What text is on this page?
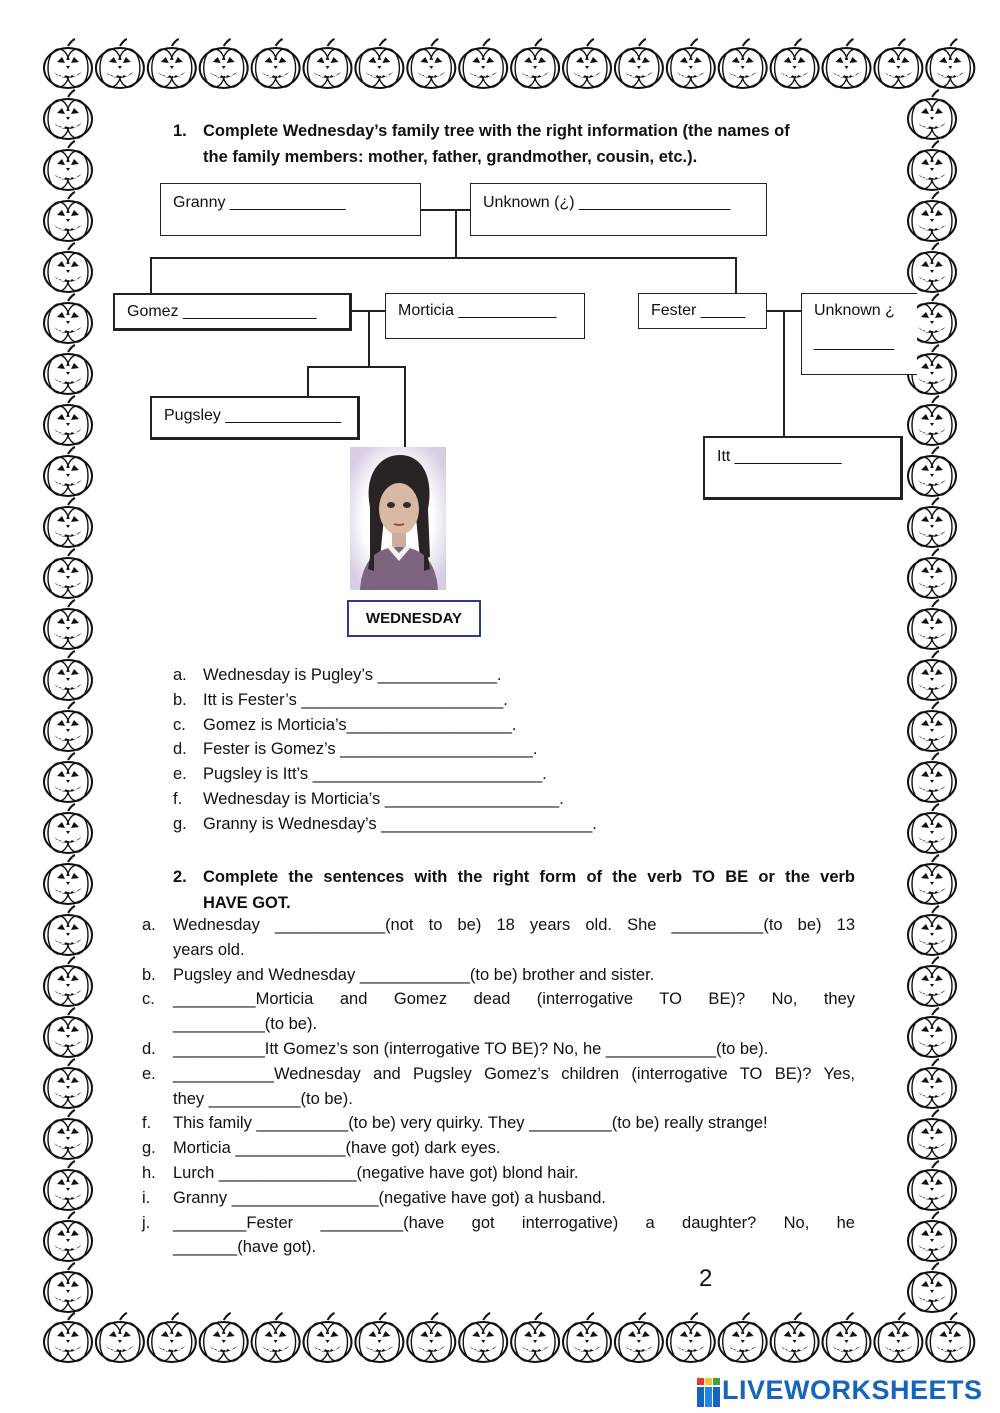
1. Complete Wednesday’s family tree with the right information (the names of
the family members: mother, father, grandmother, cousin, etc.).
Granny _____________	Unknown (¿) _________________
Gomez _______________	Morticia ___________	Fester _____	Unknown ¿
_________
Pugsley _____________
Itt ____________
WEDNESDAY
a. Wednesday is Pugley’s _____________.
b. Itt is Fester’s ______________________.
c. Gomez is Morticia’s__________________.
d. Fester is Gomez’s _____________________.
e. Pugsley is Itt’s _________________________.
f. Wednesday is Morticia’s ___________________.
g. Granny is Wednesday’s _______________________.
2. Complete the sentences with the right form of the verb TO BE or the verb
HAVE GOT.
a. Wednesday ____________(not to be) 18 years old. She __________(to be) 13
years old.
b. Pugsley and Wednesday ____________(to be) brother and sister.
c. _________Morticia and Gomez dead (interrogative TO BE)? No, they
__________(to be).
d. __________Itt Gomez’s son (interrogative TO BE)? No, he ____________(to be).
e. ___________Wednesday and Pugsley Gomez’s children (interrogative TO BE)? Yes,
they __________(to be).
f. This family __________(to be) very quirky. They _________(to be) really strange!
g. Morticia ____________(have got) dark eyes.
h. Lurch _______________(negative have got) blond hair.
i. Granny ________________(negative have got) a husband.
j. ________Fester _________(have got interrogative) a daughter? No, he
_______(have got).
2
LIVEWORKSHEETS
